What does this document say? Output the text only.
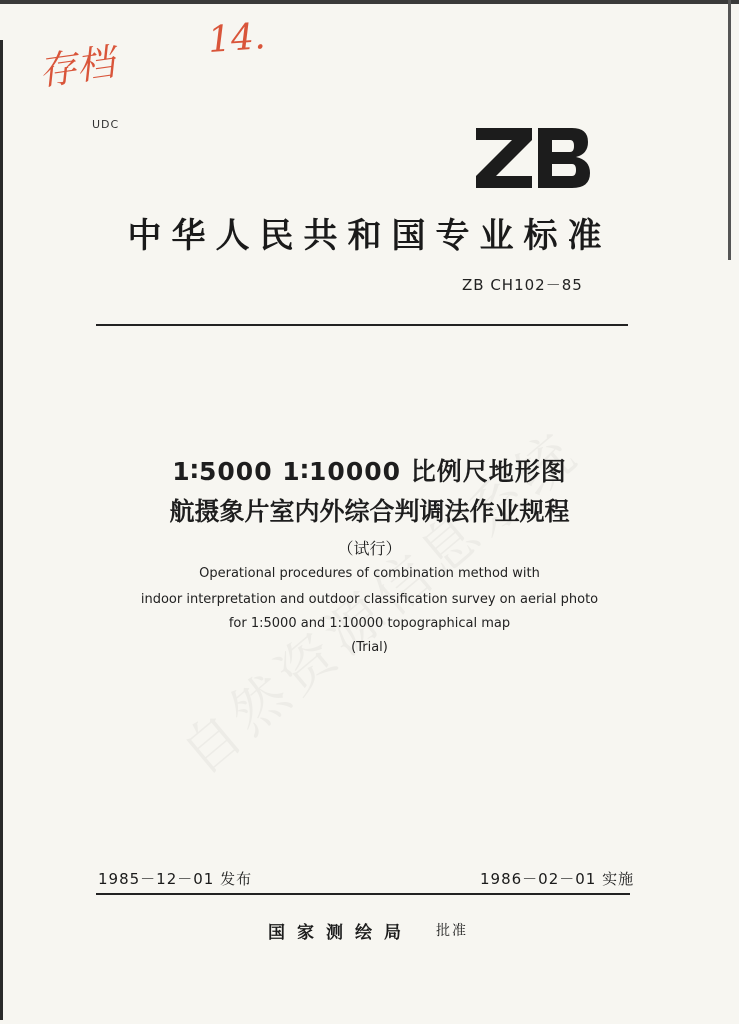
存档
14.
UDC
中华人民共和国专业标准
ZB CH102－85
1∶5000 1∶10000 比例尺地形图
航摄象片室内外综合判调法作业规程
（试行）
Operational procedures of combination method with
indoor interpretation and outdoor classification survey on aerial photo
for 1:5000 and 1:10000 topographical map
(Trial)
1985－12－01 发布	1986－02－01 实施
国家测绘局 批准
